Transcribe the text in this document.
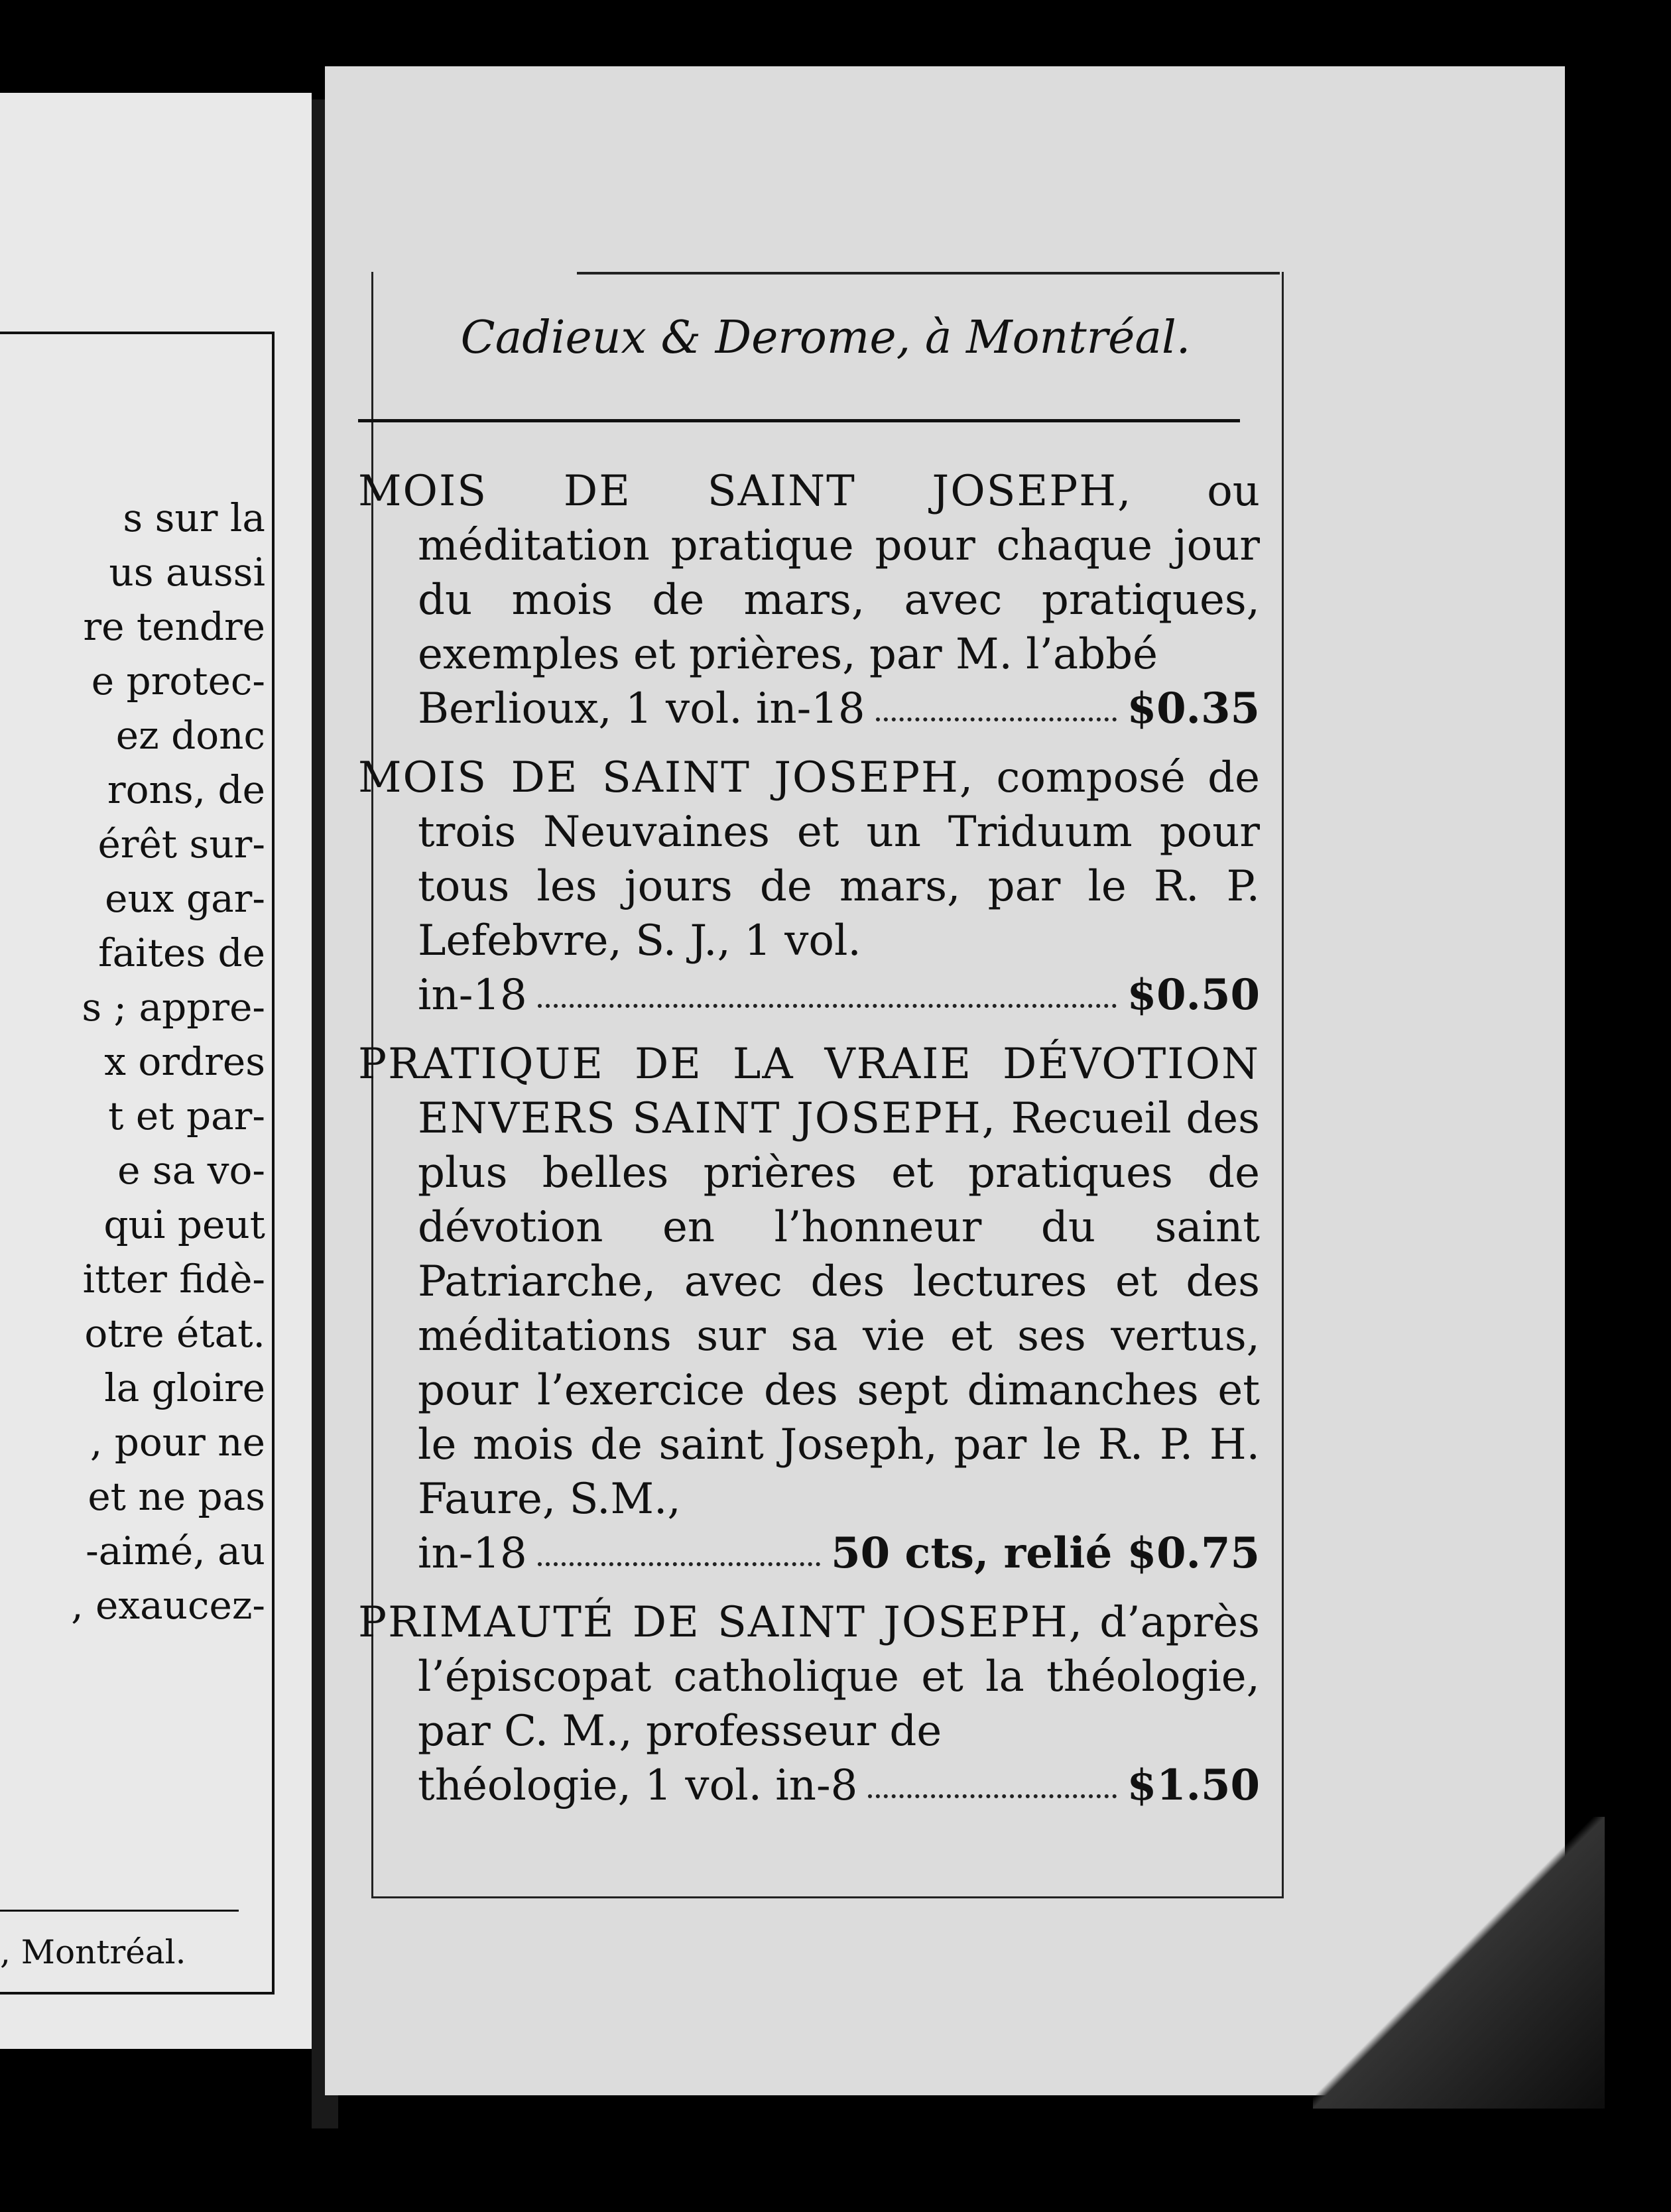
s sur la
us aussi
re tendre
e protec-
ez donc
rons, de
érêt sur-
eux gar-
faites de
s ; appre-
x ordres
t et par-
e sa vo-
qui peut
itter fidè-
otre état.
la gloire
, pour ne
et ne pas
-aimé, au
, exaucez-
, Montréal.
Cadieux & Derome, à Montréal.
MOIS DE SAINT JOSEPH, ou méditation pratique pour chaque jour du mois de mars, avec pratiques, exemples et prières, par M. l’abbé
Berlioux, 1 vol. in-18	$0.35
MOIS DE SAINT JOSEPH, composé de trois Neuvaines et un Triduum pour tous les jours de mars, par le R. P. Lefebvre, S. J., 1 vol.
in-18	$0.50
PRATIQUE DE LA VRAIE DÉVOTION ENVERS SAINT JOSEPH, Recueil des plus belles prières et pratiques de dévotion en l’honneur du saint Patriarche, avec des lectures et des méditations sur sa vie et ses vertus, pour l’exercice des sept dimanches et le mois de saint Joseph, par le R. P. H. Faure, S.M.,
in-18	50 cts, relié $0.75
PRIMAUTÉ DE SAINT JOSEPH, d’après l’épiscopat catholique et la théologie, par C. M., professeur de
théologie, 1 vol. in-8	$1.50
